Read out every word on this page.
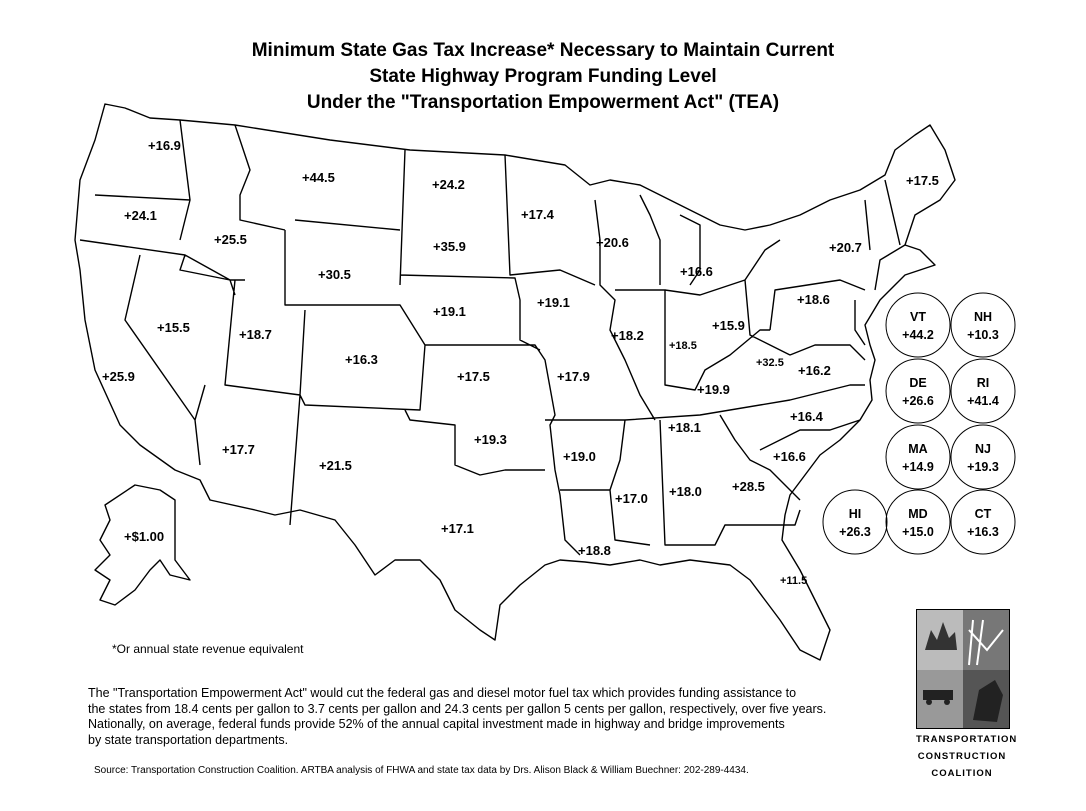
Minimum State Gas Tax Increase* Necessary to Maintain Current
State Highway Program Funding Level
Under the "Transportation Empowerment Act" (TEA)
+16.9
+24.1
+25.9
+25.5
+15.5
+44.5
+30.5
+18.7
+17.7
+16.3
+21.5
+24.2
+35.9
+19.1
+17.5
+19.3
+17.1
+17.4
+19.1
+17.9
+19.0
+18.8
+20.6
+18.2
+16.6
+18.5
+15.9
+19.9
+18.1
+17.0 +18.0 +28.5
+11.5
+16.6
+16.4
+16.2
+32.5
+18.6
+20.7
+17.5
+$1.00
VT
+44.2
NH
+10.3
DE
+26.6
RI
+41.4
MA
+14.9
NJ
+19.3
HI
+26.3
MD
+15.0
CT
+16.3
*Or annual state revenue equivalent
The "Transportation Empowerment Act" would cut the federal gas and diesel motor fuel tax which provides funding assistance to
the states from 18.4 cents per gallon to 3.7 cents per gallon and 24.3 cents per gallon 5 cents per gallon, respectively, over five years.
Nationally, on average, federal funds provide 52% of the annual capital investment made in highway and bridge improvements
by state transportation departments.
Source: Transportation Construction Coalition. ARTBA analysis of FHWA and state tax data by Drs. Alison Black & William Buechner: 202-289-4434.
TRANSPORTATION
CONSTRUCTION
COALITION
